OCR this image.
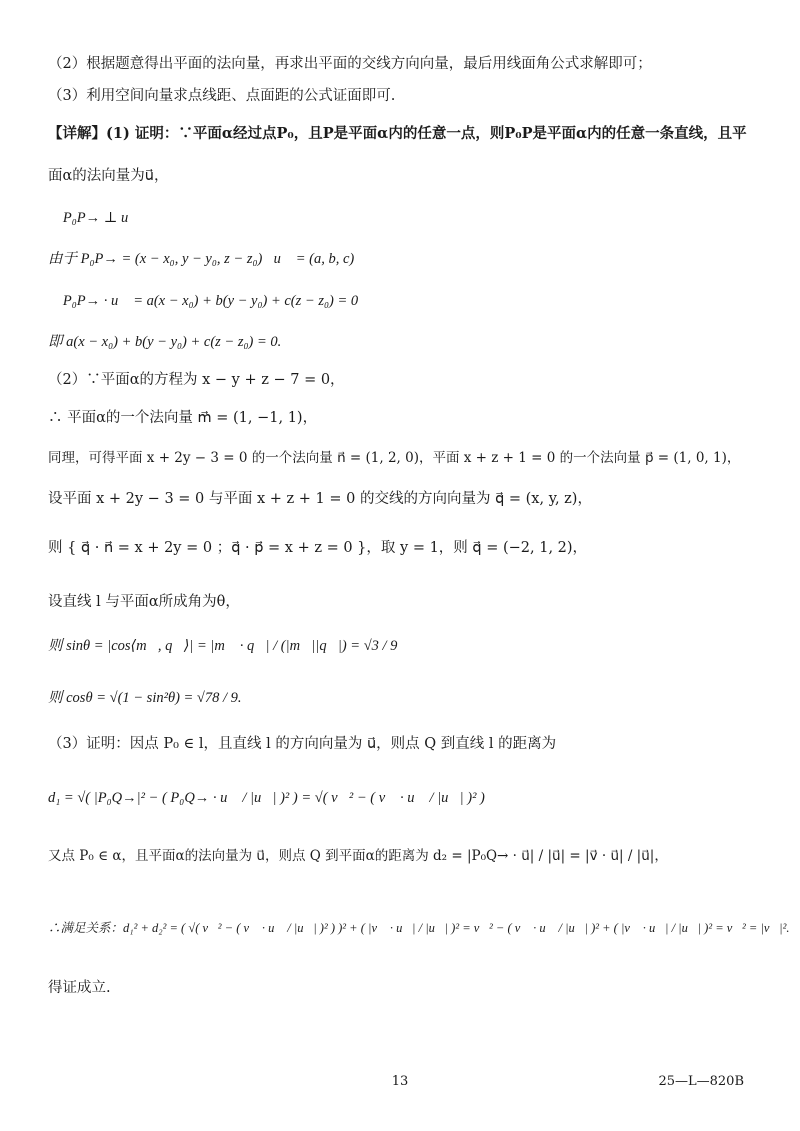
（2）根据题意得出平面的法向量，再求出平面的交线方向向量，最后用线面角公式求解即可；
（3）利用空间向量求点线距、点面距的公式证面即可.
【详解】(1) 证明：∵平面α经过点P₀，且P是平面α内的任意一点，则P₀P是平面α内的任意一条直线，且平
面α的法向量为u⃗，
∴ P₀P→ ⊥ u⃗，
由于 P₀P→ = (x − x₀, y − y₀, z − z₀)，u⃗ = (a, b, c)，
∴ P₀P→ · u⃗ = a(x − x₀) + b(y − y₀) + c(z − z₀) = 0，
即 a(x − x₀) + b(y − y₀) + c(z − z₀) = 0.
（2）∵平面α的方程为 x − y + z − 7 = 0，
∴ 平面α的一个法向量 m⃗ = (1, −1, 1)，
同理，可得平面 x + 2y − 3 = 0 的一个法向量 n⃗ = (1, 2, 0)，平面 x + z + 1 = 0 的一个法向量 p⃗ = (1, 0, 1)，
设平面 x + 2y − 3 = 0 与平面 x + z + 1 = 0 的交线的方向向量为 q⃗ = (x, y, z)，
则 { q⃗ · n⃗ = x + 2y = 0 ；q⃗ · p⃗ = x + z = 0 }，取 y = 1，则 q⃗ = (−2, 1, 2)，
设直线 l 与平面α所成角为θ，
则 sinθ = |cos⟨m⃗, q⃗⟩| = |m⃗ · q⃗| / (|m⃗||q⃗|) = √3 / 9，
则 cosθ = √(1 − sin²θ) = √78 / 9.
（3）证明：因点 P₀ ∈ l，且直线 l 的方向向量为 u⃗，则点 Q 到直线 l 的距离为
d₁ = √( |P₀Q→|² − ( P₀Q→ · u⃗ / |u⃗| )² ) = √( v⃗² − ( v⃗ · u⃗ / |u⃗| )² )，
又点 P₀ ∈ α，且平面α的法向量为 u⃗，则点 Q 到平面α的距离为 d₂ = |P₀Q→ · u⃗| / |u⃗| = |v⃗ · u⃗| / |u⃗|，
∴满足关系：d₁² + d₂² = ( √( v⃗² − ( v⃗ · u⃗ / |u⃗| )² ) )² + ( |v⃗ · u⃗| / |u⃗| )² = v⃗² − ( v⃗ · u⃗ / |u⃗| )² + ( |v⃗ · u⃗| / |u⃗| )² = v⃗² = |v⃗|².
得证成立.
13	25—L—820B
